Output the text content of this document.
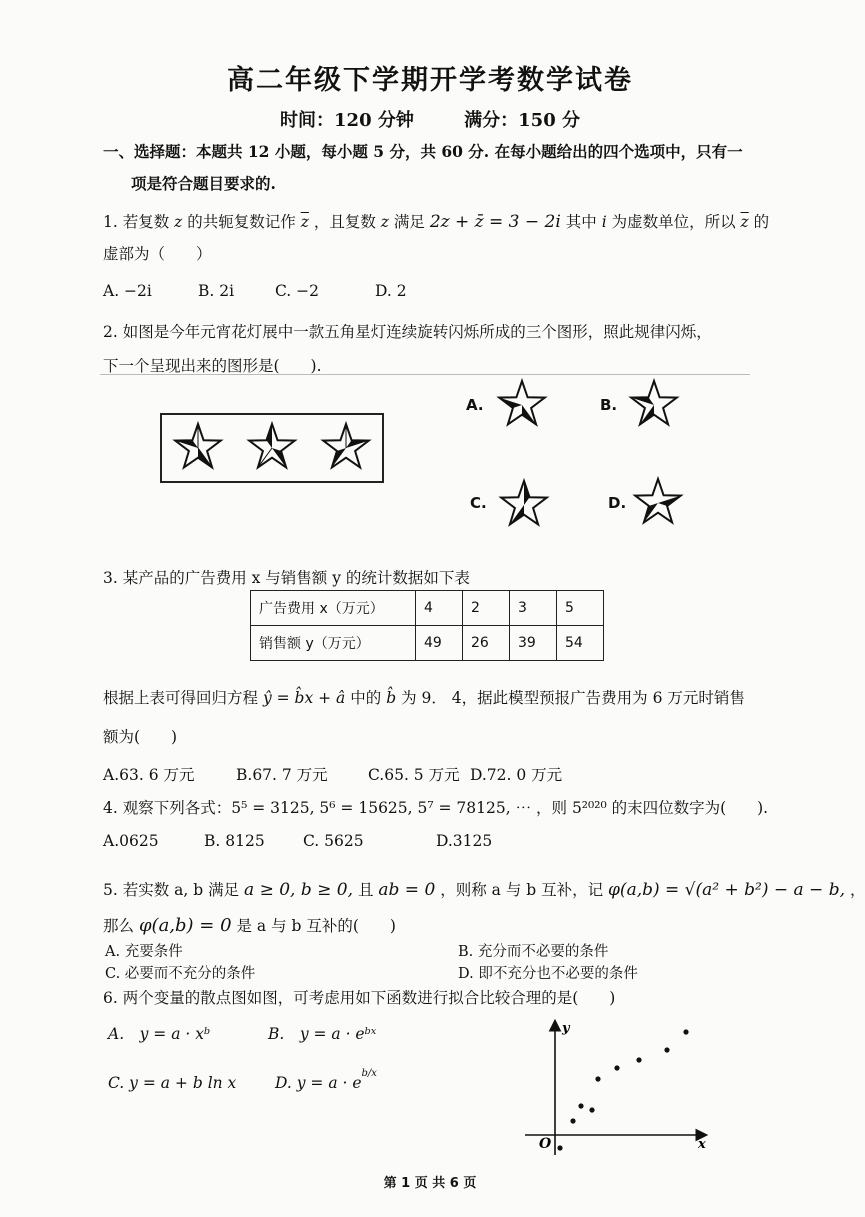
高二年级下学期开学考数学试卷
时间：120 分钟	满分：150 分
一、选择题：本题共 12 小题，每小题 5 分，共 60 分. 在每小题给出的四个选项中，只有一
项是符合题目要求的.
1. 若复数 z 的共轭复数记作 $\overline{z}$ ，且复数 z 满足 2z + z̄ = 3 − 2i 其中 i 为虚数单位，所以 $\overline{z}$ 的
虚部为（　　）
A. −2i	B. 2i	C. −2	D. 2
2. 如图是今年元宵花灯展中一款五角星灯连续旋转闪烁所成的三个图形，照此规律闪烁，
下一个呈现出来的图形是(　　).
A.	B.
C.	D.
3. 某产品的广告费用 x 与销售额 y 的统计数据如下表
广告费用 x（万元）	4	2	3	5
销售额 y（万元）	49	26	39	54
根据上表可得回归方程 ŷ = b̂x + â 中的 b̂ 为 9． 4，据此模型预报广告费用为 6 万元时销售
额为(　　)
A.63. 6 万元	B.67. 7 万元	C.65. 5 万元 D.72. 0 万元
4. 观察下列各式：5⁵ = 3125, 5⁶ = 15625, 5⁷ = 78125, ⋯ ，则 5²⁰²⁰ 的末四位数字为(　　).
A.0625	B. 8125 C. 5625	D.3125
5. 若实数 a, b 满足 a ≥ 0, b ≥ 0, 且 ab = 0 ，则称 a 与 b 互补，记 φ(a,b) = √(a² + b²) − a − b, ，
那么 φ(a,b) = 0 是 a 与 b 互补的(　　)
A. 充要条件	B. 充分而不必要的条件
C. 必要而不充分的条件	D. 即不充分也不必要的条件
6. 两个变量的散点图如图，可考虑用如下函数进行拟合比较合理的是(　　)
A.　y = a · xᵇ	B.　y = a · eᵇˣ
C. y = a + b ln x D. $y = a \cdot e^{b/x}$
y
x
O
第 1 页 共 6 页
